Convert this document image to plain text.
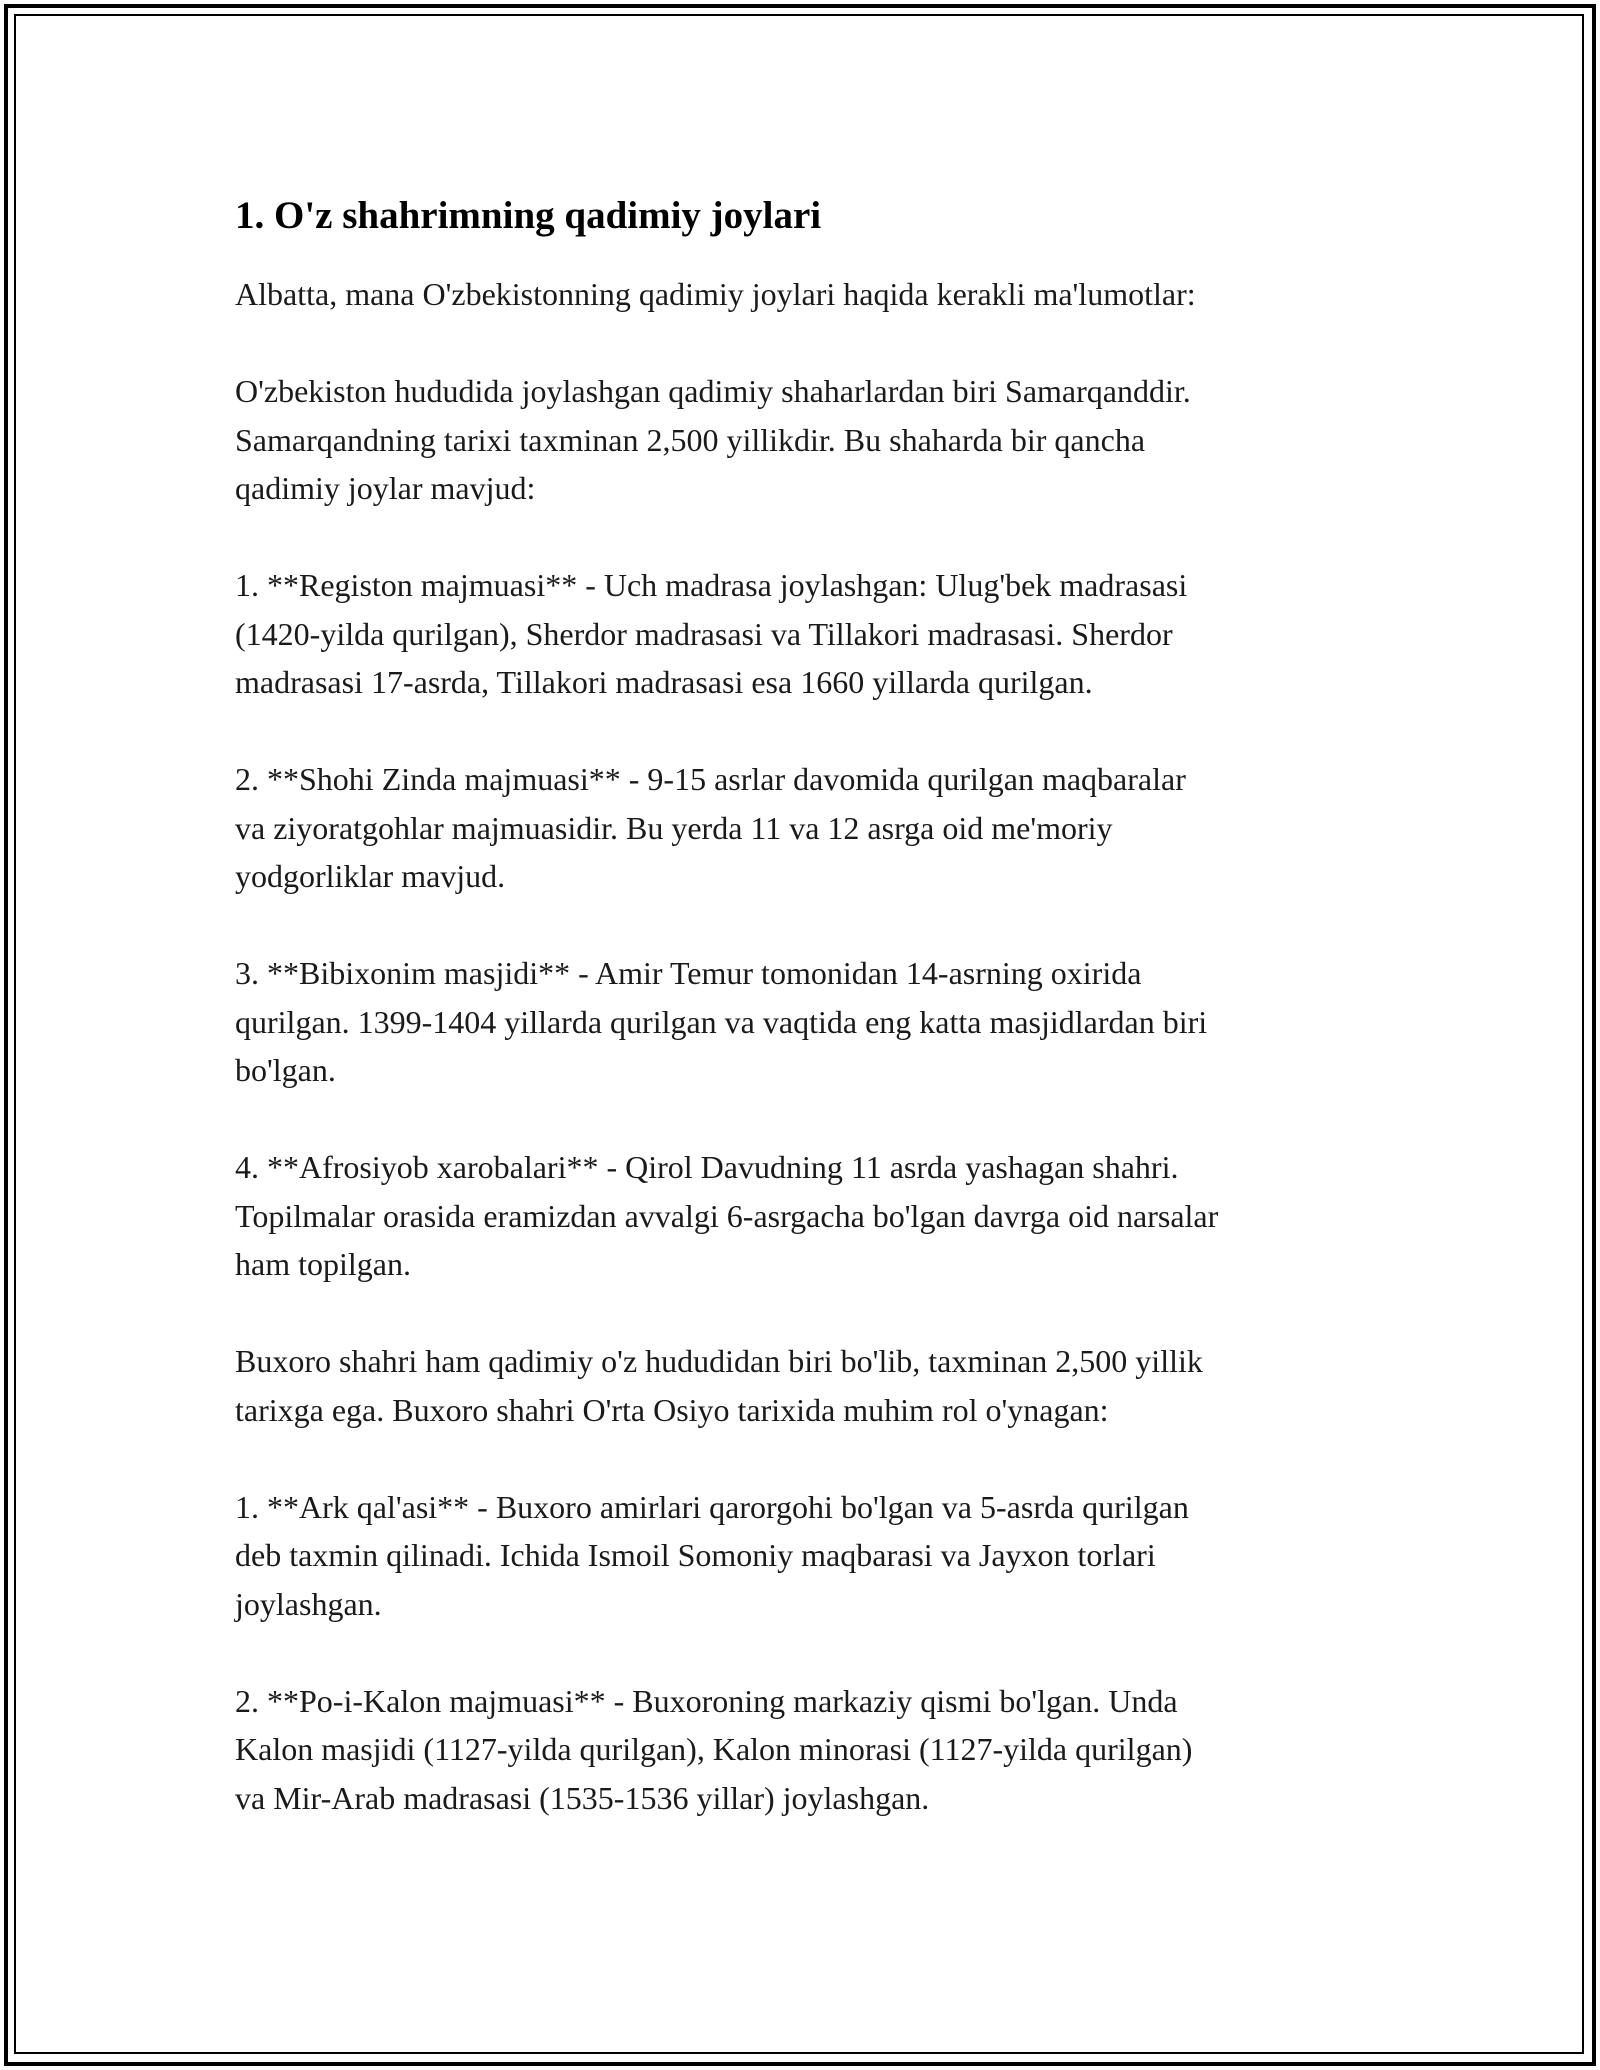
1. O'z shahrimning qadimiy joylari

Albatta, mana O'zbekistonning qadimiy joylari haqida kerakli ma'lumotlar:

O'zbekiston hududida joylashgan qadimiy shaharlardan biri Samarqanddir.
Samarqandning tarixi taxminan 2,500 yillikdir. Bu shaharda bir qancha
qadimiy joylar mavjud:

1. **Registon majmuasi** - Uch madrasa joylashgan: Ulug'bek madrasasi
(1420-yilda qurilgan), Sherdor madrasasi va Tillakori madrasasi. Sherdor
madrasasi 17-asrda, Tillakori madrasasi esa 1660 yillarda qurilgan.

2. **Shohi Zinda majmuasi** - 9-15 asrlar davomida qurilgan maqbaralar
va ziyoratgohlar majmuasidir. Bu yerda 11 va 12 asrga oid me'moriy
yodgorliklar mavjud.

3. **Bibixonim masjidi** - Amir Temur tomonidan 14-asrning oxirida
qurilgan. 1399-1404 yillarda qurilgan va vaqtida eng katta masjidlardan biri
bo'lgan.

4. **Afrosiyob xarobalari** - Qirol Davudning 11 asrda yashagan shahri.
Topilmalar orasida eramizdan avvalgi 6-asrgacha bo'lgan davrga oid narsalar
ham topilgan.

Buxoro shahri ham qadimiy o'z hududidan biri bo'lib, taxminan 2,500 yillik
tarixga ega. Buxoro shahri O'rta Osiyo tarixida muhim rol o'ynagan:

1. **Ark qal'asi** - Buxoro amirlari qarorgohi bo'lgan va 5-asrda qurilgan
deb taxmin qilinadi. Ichida Ismoil Somoniy maqbarasi va Jayxon torlari
joylashgan.

2. **Po-i-Kalon majmuasi** - Buxoroning markaziy qismi bo'lgan. Unda
Kalon masjidi (1127-yilda qurilgan), Kalon minorasi (1127-yilda qurilgan)
va Mir-Arab madrasasi (1535-1536 yillar) joylashgan.
